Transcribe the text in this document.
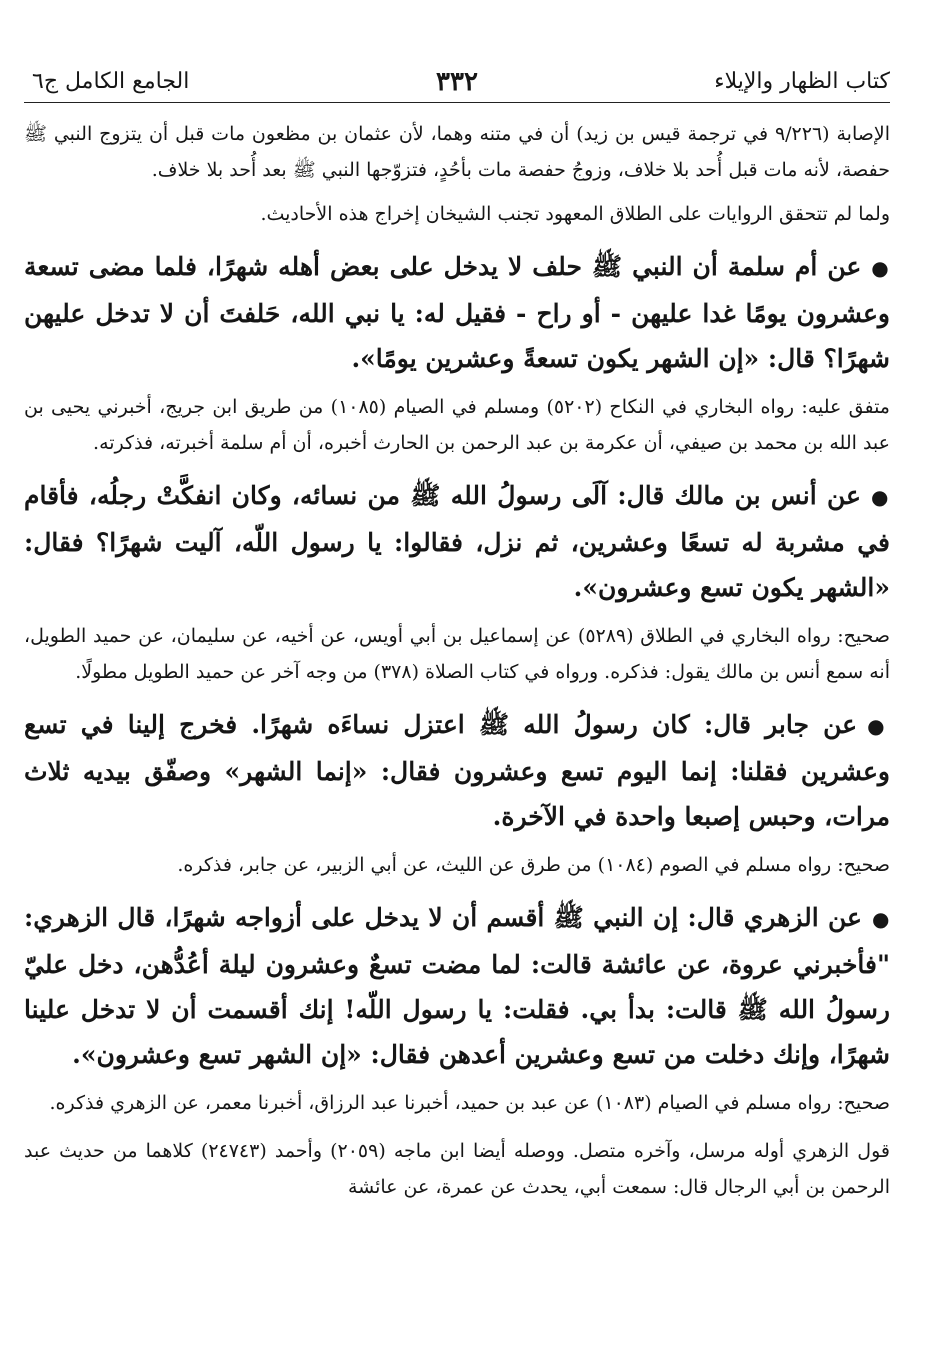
كتاب الظهار والإيلاء
٣٣٢
الجامع الكامل ج٦

الإصابة (٩/٢٢٦ في ترجمة قيس بن زيد) أن في متنه وهما، لأن عثمان بن مظعون مات قبل أن يتزوج النبي ﷺ حفصة، لأنه مات قبل أُحد بلا خلاف، وزوجُ حفصة مات بأحُدٍ، فتزوّجها النبي ﷺ بعد أُحد بلا خلاف.

ولما لم تتحقق الروايات على الطلاق المعهود تجنب الشيخان إخراج هذه الأحاديث.

●عن أم سلمة أن النبي ﷺ حلف لا يدخل على بعض أهله شهرًا، فلما مضى تسعة وعشرون يومًا غدا عليهن - أو راح - فقيل له: يا نبي الله، حَلفتَ أن لا تدخل عليهن شهرًا؟ قال: «إن الشهر يكون تسعةً وعشرين يومًا».

متفق عليه: رواه البخاري في النكاح (٥٢٠٢) ومسلم في الصيام (١٠٨٥) من طريق ابن جريج، أخبرني يحيى بن عبد الله بن محمد بن صيفي، أن عكرمة بن عبد الرحمن بن الحارث أخبره، أن أم سلمة أخبرته، فذكرته.

●عن أنس بن مالك قال: آلَى رسولُ الله ﷺ من نسائه، وكان انفكَّتْ رجلُه، فأقام في مشربة له تسعًا وعشرين، ثم نزل، فقالوا: يا رسول اللّه، آليت شهرًا؟ فقال: «الشهر يكون تسع وعشرون».

صحيح: رواه البخاري في الطلاق (٥٢٨٩) عن إسماعيل بن أبي أويس، عن أخيه، عن سليمان، عن حميد الطويل، أنه سمع أنس بن مالك يقول: فذكره. ورواه في كتاب الصلاة (٣٧٨) من وجه آخر عن حميد الطويل مطولًا.

●عن جابر قال: كان رسولُ الله ﷺ اعتزل نساءَه شهرًا. فخرج إلينا في تسع وعشرين فقلنا: إنما اليوم تسع وعشرون فقال: «إنما الشهر» وصفّق بيديه ثلاث مرات، وحبس إصبعا واحدة في الآخرة.

صحيح: رواه مسلم في الصوم (١٠٨٤) من طرق عن الليث، عن أبي الزبير، عن جابر، فذكره.

●عن الزهري قال: إن النبي ﷺ أقسم أن لا يدخل على أزواجه شهرًا، قال الزهري: "فأخبرني عروة، عن عائشة قالت: لما مضت تسعٌ وعشرون ليلة أعُدُّهن، دخل عليّ رسولُ الله ﷺ قالت: بدأ بي. فقلت: يا رسول اللّه! إنك أقسمت أن لا تدخل علينا شهرًا، وإنك دخلت من تسع وعشرين أعدهن فقال: «إن الشهر تسع وعشرون».

صحيح: رواه مسلم في الصيام (١٠٨٣) عن عبد بن حميد، أخبرنا عبد الرزاق، أخبرنا معمر، عن الزهري فذكره.

قول الزهري أوله مرسل، وآخره متصل. ووصله أيضا ابن ماجه (٢٠٥٩) وأحمد (٢٤٧٤٣) كلاهما من حديث عبد الرحمن بن أبي الرجال قال: سمعت أبي، يحدث عن عمرة، عن عائشة
